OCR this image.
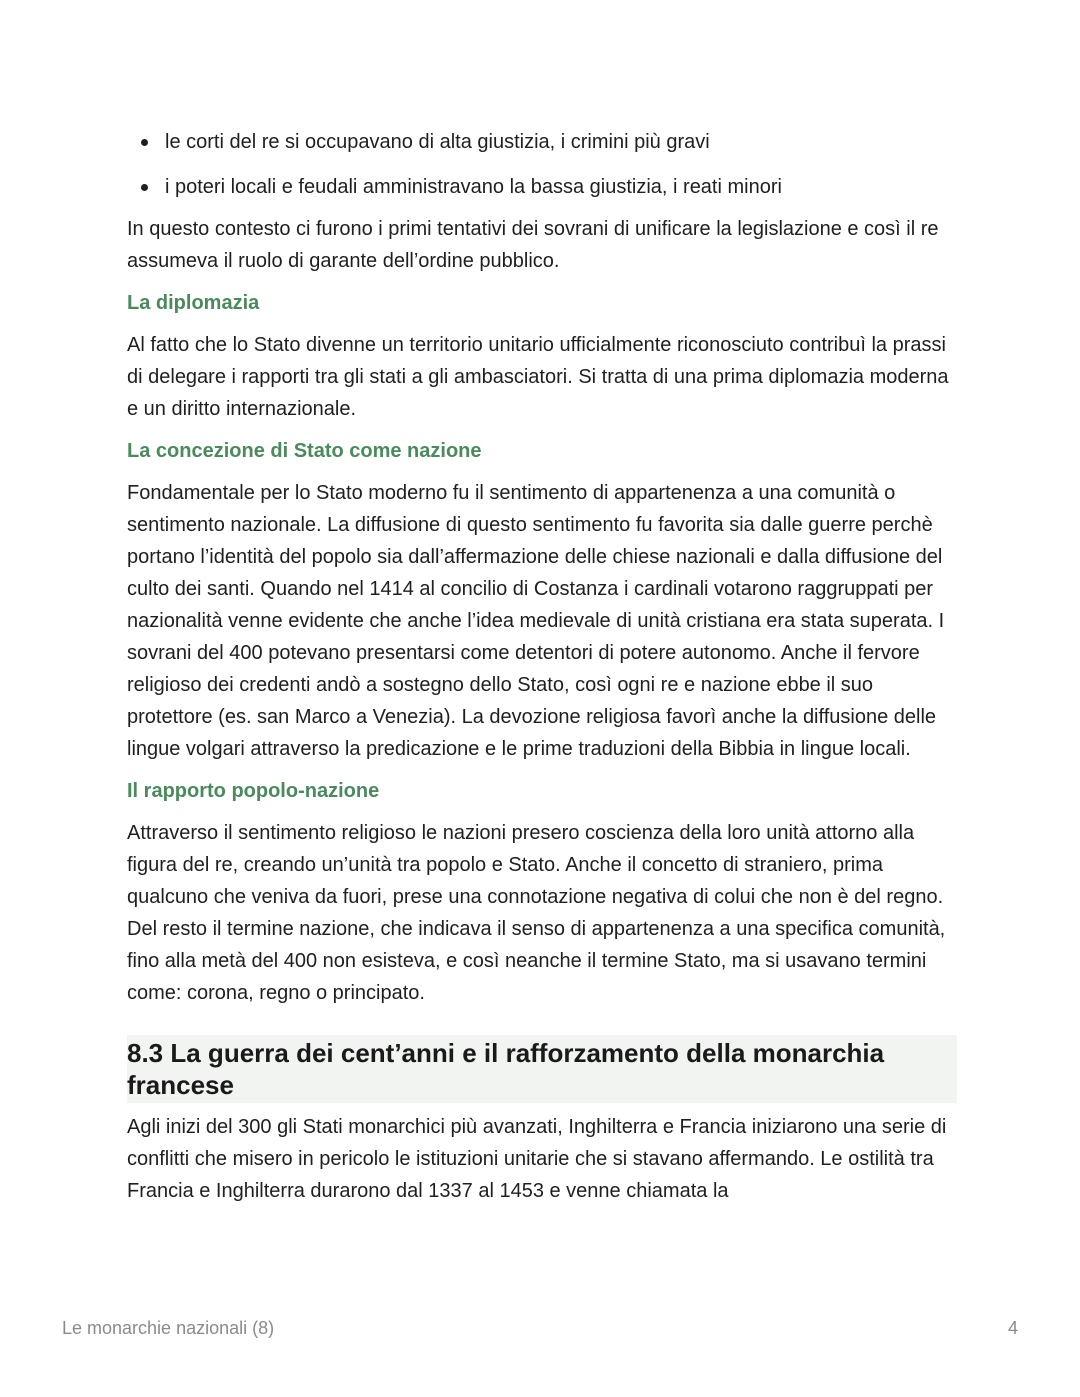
le corti del re si occupavano di alta giustizia, i crimini più gravi
i poteri locali e feudali amministravano la bassa giustizia, i reati minori

In questo contesto ci furono i primi tentativi dei sovrani di unificare la legislazione e così il re assumeva il ruolo di garante dell’ordine pubblico.

La diplomazia

Al fatto che lo Stato divenne un territorio unitario ufficialmente riconosciuto contribuì la prassi di delegare i rapporti tra gli stati a gli ambasciatori. Si tratta di una prima diplomazia moderna e un diritto internazionale.

La concezione di Stato come nazione

Fondamentale per lo Stato moderno fu il sentimento di appartenenza a una comunità o sentimento nazionale. La diffusione di questo sentimento fu favorita sia dalle guerre perchè portano l’identità del popolo sia dall’affermazione delle chiese nazionali e dalla diffusione del culto dei santi. Quando nel 1414 al concilio di Costanza i cardinali votarono raggruppati per nazionalità venne evidente che anche l’idea medievale di unità cristiana era stata superata. I sovrani del 400 potevano presentarsi come detentori di potere autonomo. Anche il fervore religioso dei credenti andò a sostegno dello Stato, così ogni re e nazione ebbe il suo protettore (es. san Marco a Venezia). La devozione religiosa favorì anche la diffusione delle lingue volgari attraverso la predicazione e le prime traduzioni della Bibbia in lingue locali.

Il rapporto popolo-nazione

Attraverso il sentimento religioso le nazioni presero coscienza della loro unità attorno alla figura del re, creando un’unità tra popolo e Stato. Anche il concetto di straniero, prima qualcuno che veniva da fuori, prese una connotazione negativa di colui che non è del regno. Del resto il termine nazione, che indicava il senso di appartenenza a una specifica comunità, fino alla metà del 400 non esisteva, e così neanche il termine Stato, ma si usavano termini come: corona, regno o principato.

8.3 La guerra dei cent’anni e il rafforzamento della monarchia francese

Agli inizi del 300 gli Stati monarchici più avanzati, Inghilterra e Francia iniziarono una serie di conflitti che misero in pericolo le istituzioni unitarie che si stavano affermando. Le ostilità tra Francia e Inghilterra durarono dal 1337 al 1453 e venne chiamata la

Le monarchie nazionali (8)	4
